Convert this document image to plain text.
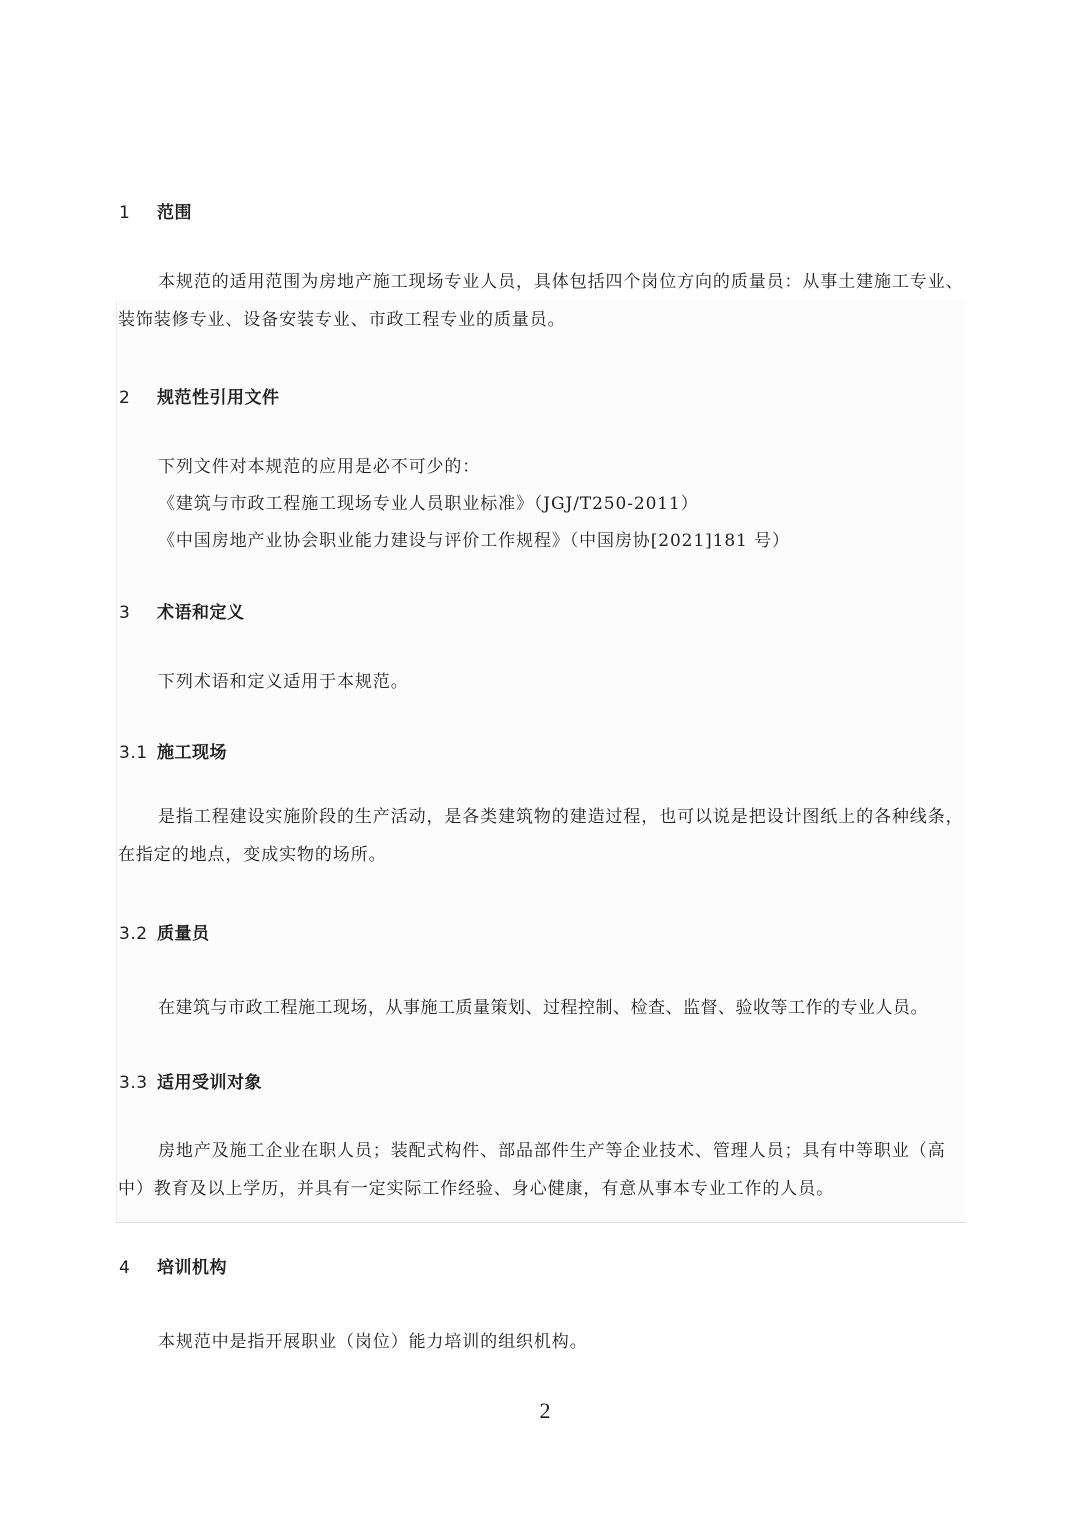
1 范围
本规范的适用范围为房地产施工现场专业人员，具体包括四个岗位方向的质量员：从事土建施工专业、装饰装修专业、设备安装专业、市政工程专业的质量员。
2 规范性引用文件
下列文件对本规范的应用是必不可少的：
《建筑与市政工程施工现场专业人员职业标准》（JGJ/T250-2011）
《中国房地产业协会职业能力建设与评价工作规程》（中国房协[2021]181 号）
3 术语和定义
下列术语和定义适用于本规范。
3.1 施工现场
是指工程建设实施阶段的生产活动，是各类建筑物的建造过程，也可以说是把设计图纸上的各种线条，在指定的地点，变成实物的场所。
3.2 质量员
在建筑与市政工程施工现场，从事施工质量策划、过程控制、检查、监督、验收等工作的专业人员。
3.3 适用受训对象
房地产及施工企业在职人员；装配式构件、部品部件生产等企业技术、管理人员；具有中等职业（高中）教育及以上学历，并具有一定实际工作经验、身心健康，有意从事本专业工作的人员。
4 培训机构
本规范中是指开展职业（岗位）能力培训的组织机构。
2
